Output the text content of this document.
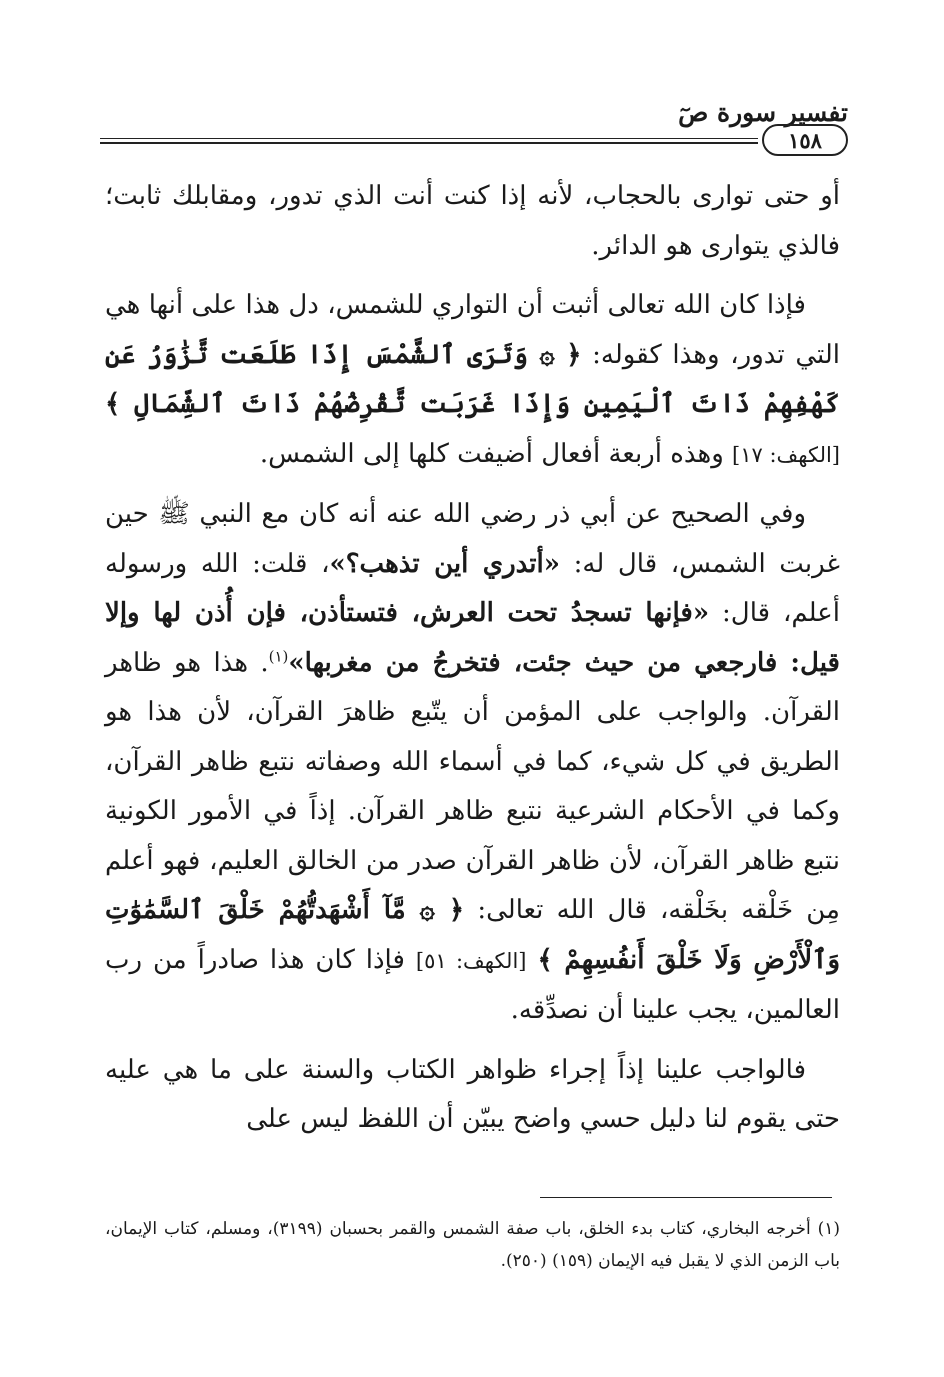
تفسير سورة صٓ
١٥٨

أو حتى توارى بالحجاب، لأنه إذا كنت أنت الذي تدور، ومقابلك ثابت؛ فالذي يتوارى هو الدائر.

فإذا كان الله تعالى أثبت أن التواري للشمس، دل هذا على أنها هي التي تدور، وهذا كقوله: ﴿ ۞ وَتَرَى ٱلشَّمْسَ إِذَا طَلَعَت تَّزَٰوَرُ عَن كَهْفِهِمْ ذَاتَ ٱلْيَمِينِ وَإِذَا غَرَبَت تَّقْرِضُهُمْ ذَاتَ ٱلشِّمَالِ ﴾ [الكهف: ١٧] وهذه أربعة أفعال أضيفت كلها إلى الشمس.

وفي الصحيح عن أبي ذر رضي الله عنه أنه كان مع النبي ﷺ حين غربت الشمس، قال له: «أتدري أين تذهب؟»، قلت: الله ورسوله أعلم، قال: «فإنها تسجدُ تحت العرش، فتستأذن، فإن أُذن لها وإلا قيل: فارجعي من حيث جئت، فتخرجُ من مغربها»$^{(١)}$. هذا هو ظاهر القرآن. والواجب على المؤمن أن يتّبع ظاهرَ القرآن، لأن هذا هو الطريق في كل شيء، كما في أسماء الله وصفاته نتبع ظاهر القرآن، وكما في الأحكام الشرعية نتبع ظاهر القرآن. إذاً في الأمور الكونية نتبع ظاهر القرآن، لأن ظاهر القرآن صدر من الخالق العليم، فهو أعلم مِن خَلْقه بخَلْقه، قال الله تعالى: ﴿ ۞ مَّآ أَشْهَدتُّهُمْ خَلْقَ ٱلسَّمَٰوَٰتِ وَٱلْأَرْضِ وَلَا خَلْقَ أَنفُسِهِمْ ﴾ [الكهف: ٥١] فإذا كان هذا صادراً من رب العالمين، يجب علينا أن نصدِّقه.

فالواجب علينا إذاً إجراء ظواهر الكتاب والسنة على ما هي عليه حتى يقوم لنا دليل حسي واضح يبيّن أن اللفظ ليس على

(١) أخرجه البخاري، كتاب بدء الخلق، باب صفة الشمس والقمر بحسبان (٣١٩٩)، ومسلم، كتاب الإيمان، باب الزمن الذي لا يقبل فيه الإيمان (١٥٩) (٢٥٠).
